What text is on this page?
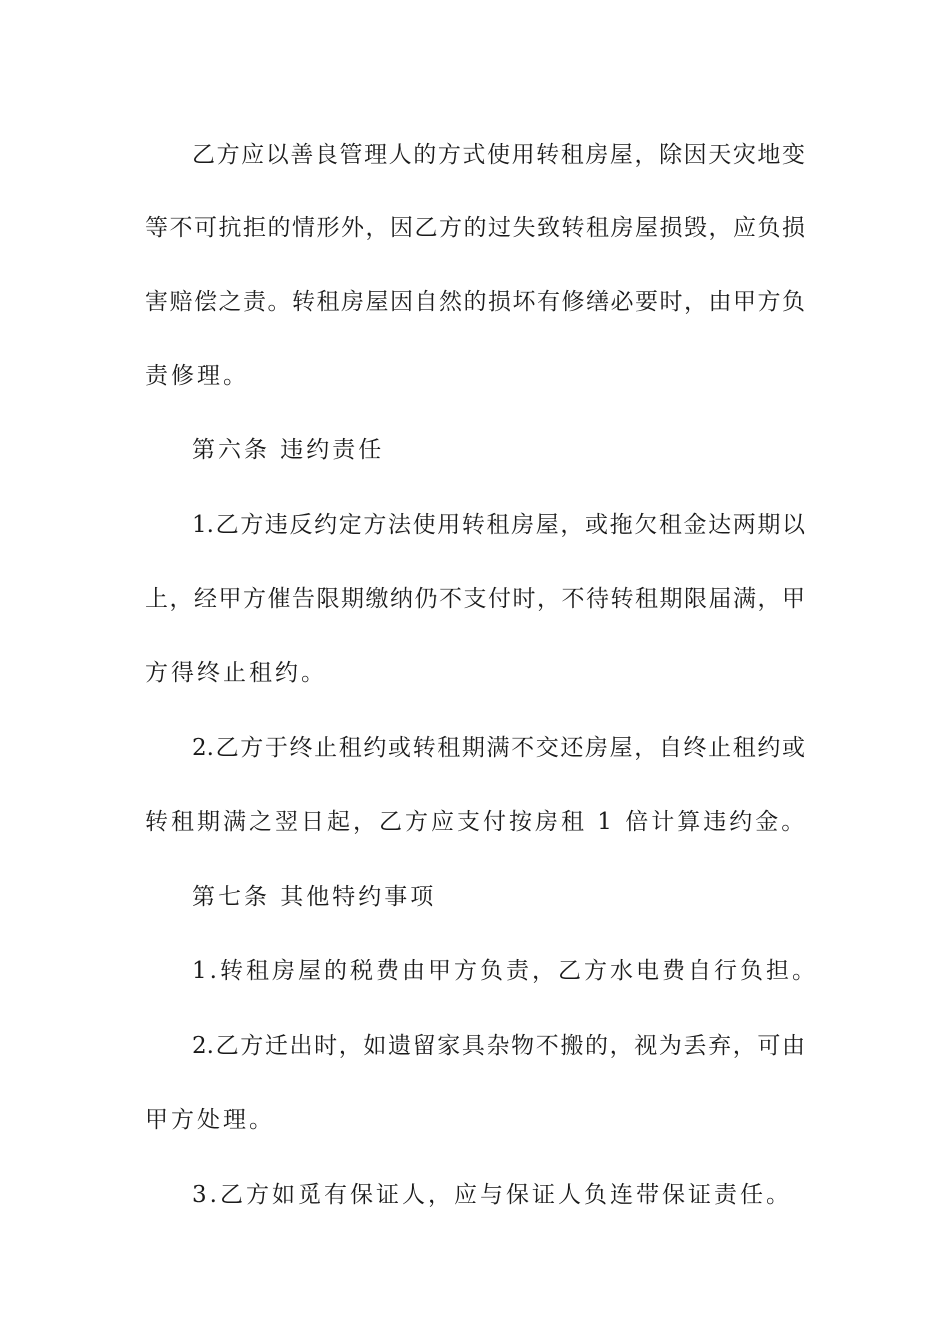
乙方应以善良管理人的方式使用转租房屋，除因天灾地变
等不可抗拒的情形外，因乙方的过失致转租房屋损毁，应负损
害赔偿之责。转租房屋因自然的损坏有修缮必要时，由甲方负
责修理。
第六条 违约责任
1.乙方违反约定方法使用转租房屋，或拖欠租金达两期以
上，经甲方催告限期缴纳仍不支付时，不待转租期限届满，甲
方得终止租约。
2.乙方于终止租约或转租期满不交还房屋，自终止租约或
转租期满之翌日起，乙方应支付按房租 1 倍计算违约金。
第七条 其他特约事项
1.转租房屋的税费由甲方负责，乙方水电费自行负担。
2.乙方迁出时，如遗留家具杂物不搬的，视为丢弃，可由
甲方处理。
3.乙方如觅有保证人，应与保证人负连带保证责任。
